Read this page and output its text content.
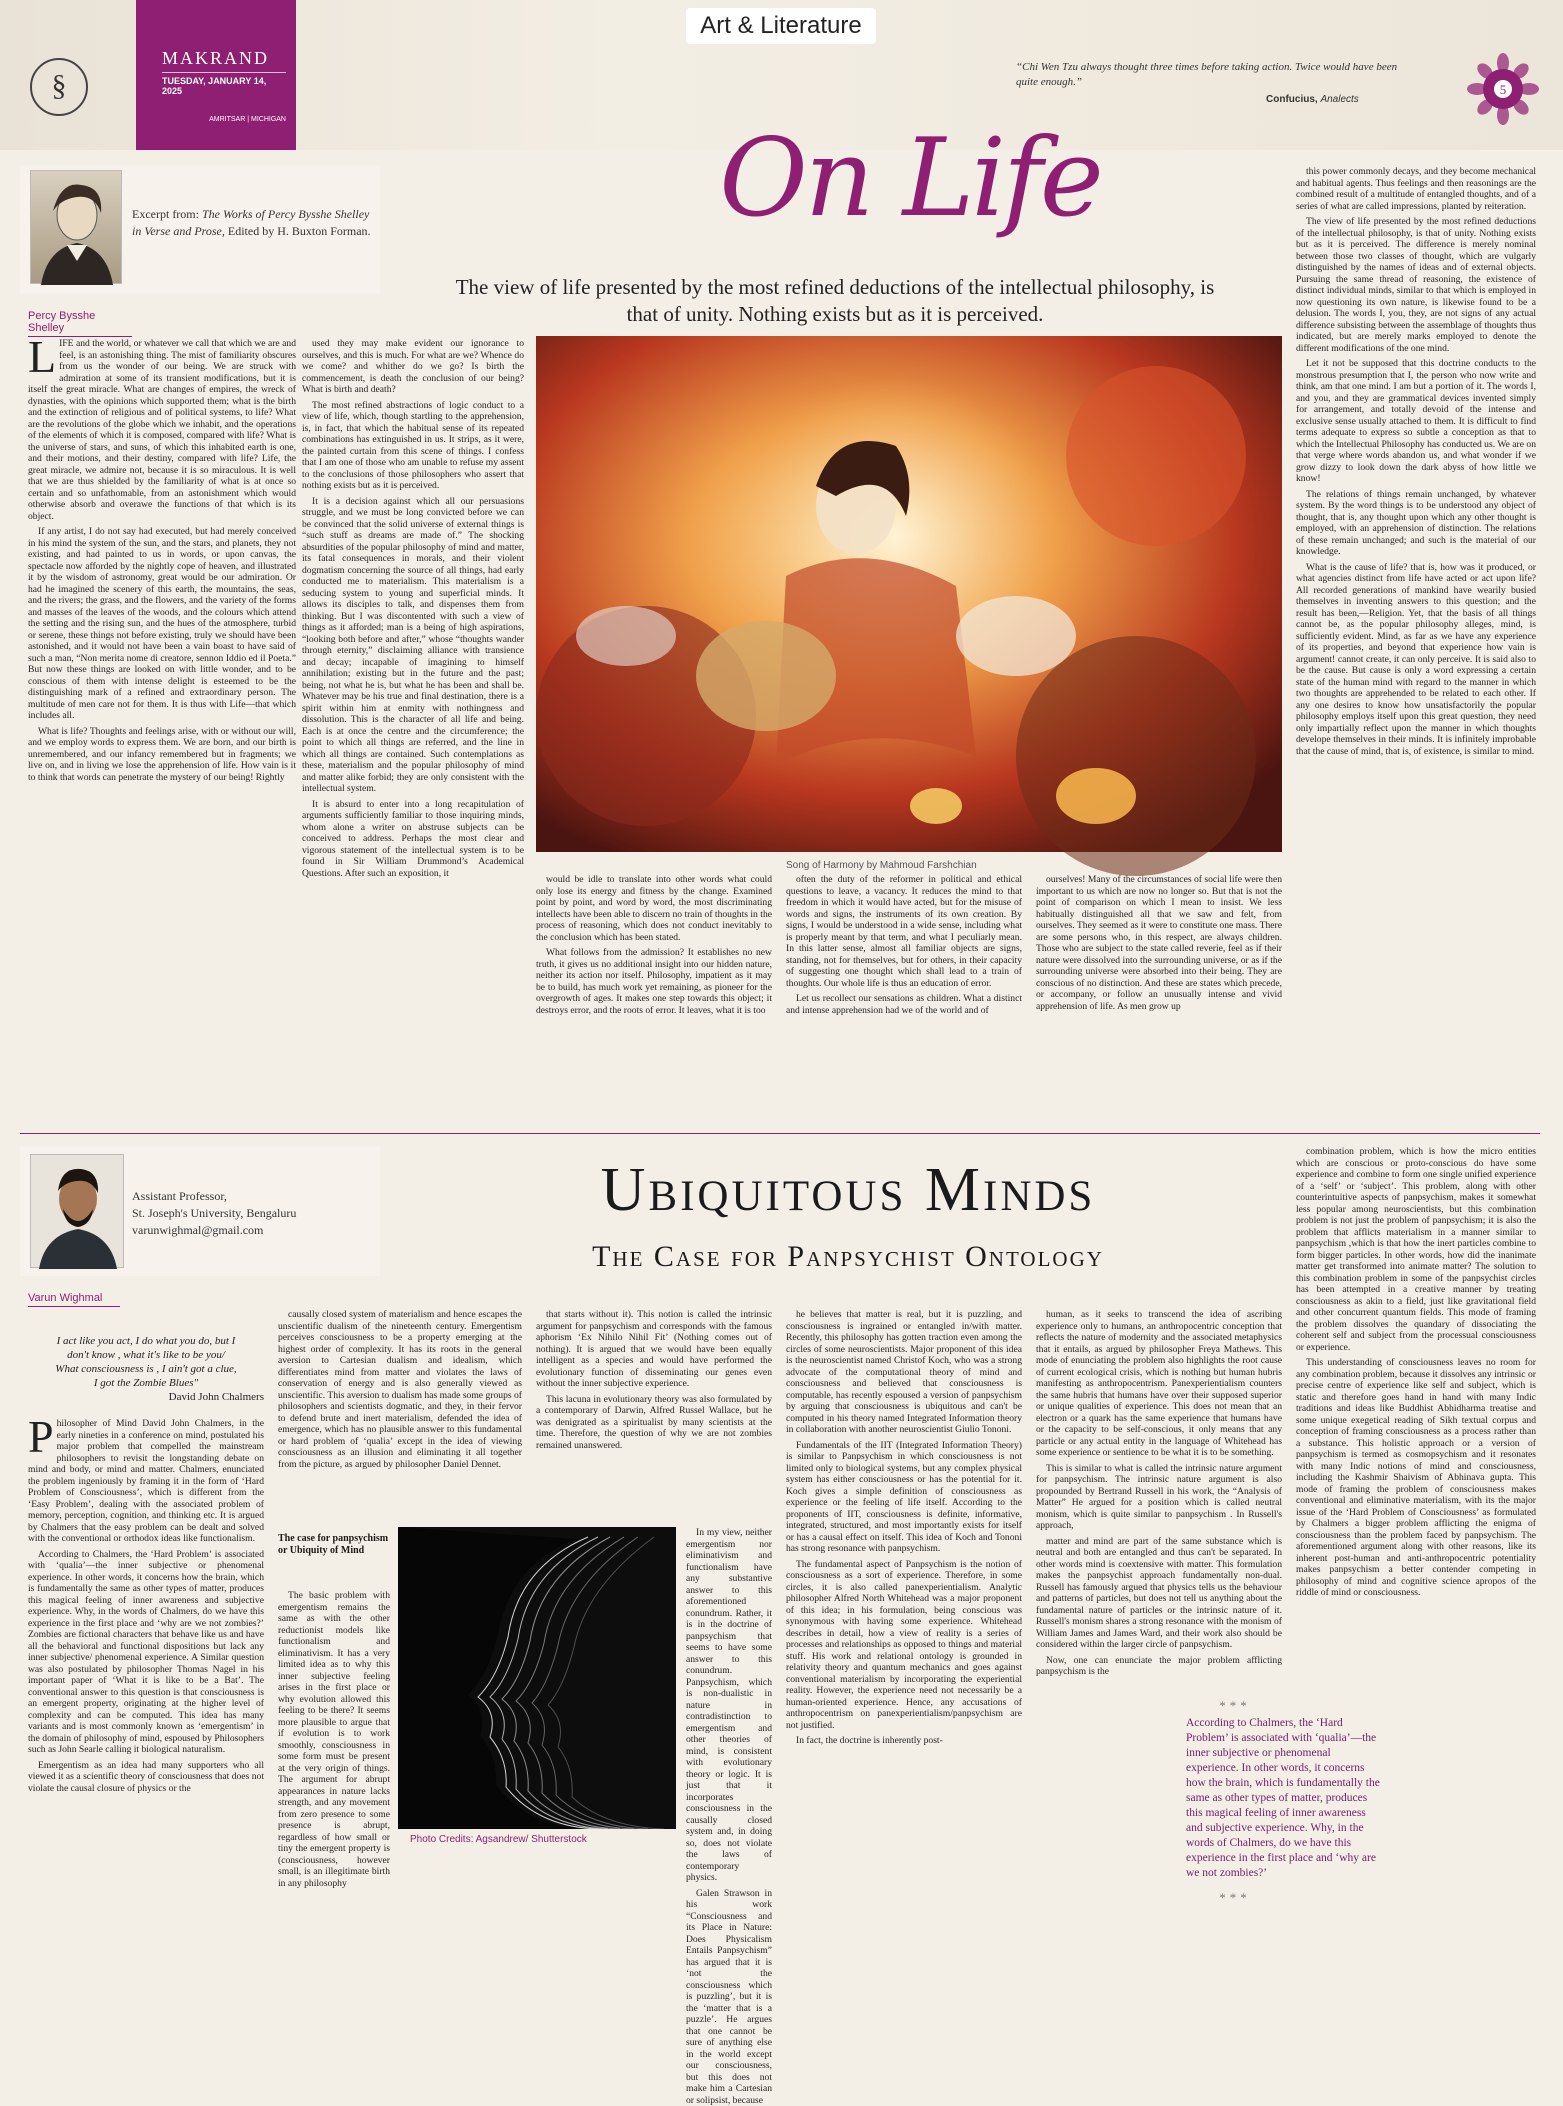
§
MAKRAND
TUESDAY, JANUARY 14, 2025
AMRITSAR | MICHIGAN
Art & Literature
“Chi Wen Tzu always thought three times before taking action. Twice would have been quite enough.”
Confucius, Analects
5
On Life
The view of life presented by the most refined deductions of the intellectual philosophy, is that of unity. Nothing exists but as it is perceived.
Excerpt from: The Works of Percy Bysshe Shelley in Verse and Prose, Edited by H. Buxton Forman.
Percy Bysshe Shelley

LIFE and the world, or whatever we call that which we are and feel, is an astonishing thing. The mist of familiarity obscures from us the wonder of our being. We are struck with admiration at some of its transient modifications, but it is itself the great miracle. What are changes of empires, the wreck of dynasties, with the opinions which supported them; what is the birth and the extinction of religious and of political systems, to life? What are the revolutions of the globe which we inhabit, and the operations of the elements of which it is composed, compared with life? What is the universe of stars, and suns, of which this inhabited earth is one, and their motions, and their destiny, compared with life? Life, the great miracle, we admire not, because it is so miraculous. It is well that we are thus shielded by the familiarity of what is at once so certain and so unfathomable, from an astonishment which would otherwise absorb and overawe the functions of that which is its object.

If any artist, I do not say had executed, but had merely conceived in his mind the system of the sun, and the stars, and planets, they not existing, and had painted to us in words, or upon canvas, the spectacle now afforded by the nightly cope of heaven, and illustrated it by the wisdom of astronomy, great would be our admiration. Or had he imagined the scenery of this earth, the mountains, the seas, and the rivers; the grass, and the flowers, and the variety of the forms and masses of the leaves of the woods, and the colours which attend the setting and the rising sun, and the hues of the atmosphere, turbid or serene, these things not before existing, truly we should have been astonished, and it would not have been a vain boast to have said of such a man, “Non merita nome di creatore, sennon Iddio ed il Poeta.” But now these things are looked on with little wonder, and to be conscious of them with intense delight is esteemed to be the distinguishing mark of a refined and extraordinary person. The multitude of men care not for them. It is thus with Life—that which includes all.

What is life? Thoughts and feelings arise, with or without our will, and we employ words to express them. We are born, and our birth is unremembered, and our infancy remembered but in fragments; we live on, and in living we lose the apprehension of life. How vain is it to think that words can penetrate the mystery of our being! Rightly

used they may make evident our ignorance to ourselves, and this is much. For what are we? Whence do we come? and whither do we go? Is birth the commencement, is death the conclusion of our being? What is birth and death?

The most refined abstractions of logic conduct to a view of life, which, though startling to the apprehension, is, in fact, that which the habitual sense of its repeated combinations has extinguished in us. It strips, as it were, the painted curtain from this scene of things. I confess that I am one of those who am unable to refuse my assent to the conclusions of those philosophers who assert that nothing exists but as it is perceived.

It is a decision against which all our persuasions struggle, and we must be long convicted before we can be convinced that the solid universe of external things is “such stuff as dreams are made of.” The shocking absurdities of the popular philosophy of mind and matter, its fatal consequences in morals, and their violent dogmatism concerning the source of all things, had early conducted me to materialism. This materialism is a seducing system to young and superficial minds. It allows its disciples to talk, and dispenses them from thinking. But I was discontented with such a view of things as it afforded; man is a being of high aspirations, “looking both before and after,” whose “thoughts wander through eternity,” disclaiming alliance with transience and decay; incapable of imagining to himself annihilation; existing but in the future and the past; being, not what he is, but what he has been and shall be. Whatever may be his true and final destination, there is a spirit within him at enmity with nothingness and dissolution. This is the character of all life and being. Each is at once the centre and the circumference; the point to which all things are referred, and the line in which all things are contained. Such contemplations as these, materialism and the popular philosophy of mind and matter alike forbid; they are only consistent with the intellectual system.

It is absurd to enter into a long recapitulation of arguments sufficiently familiar to those inquiring minds, whom alone a writer on abstruse subjects can be conceived to address. Perhaps the most clear and vigorous statement of the intellectual system is to be found in Sir William Drummond’s Academical Questions. After such an exposition, it

Song of Harmony by Mahmoud Farshchian

would be idle to translate into other words what could only lose its energy and fitness by the change. Examined point by point, and word by word, the most discriminating intellects have been able to discern no train of thoughts in the process of reasoning, which does not conduct inevitably to the conclusion which has been stated.

What follows from the admission? It establishes no new truth, it gives us no additional insight into our hidden nature, neither its action nor itself. Philosophy, impatient as it may be to build, has much work yet remaining, as pioneer for the overgrowth of ages. It makes one step towards this object; it destroys error, and the roots of error. It leaves, what it is too

often the duty of the reformer in political and ethical questions to leave, a vacancy. It reduces the mind to that freedom in which it would have acted, but for the misuse of words and signs, the instruments of its own creation. By signs, I would be understood in a wide sense, including what is properly meant by that term, and what I peculiarly mean. In this latter sense, almost all familiar objects are signs, standing, not for themselves, but for others, in their capacity of suggesting one thought which shall lead to a train of thoughts. Our whole life is thus an education of error.

Let us recollect our sensations as children. What a distinct and intense apprehension had we of the world and of

ourselves! Many of the circumstances of social life were then important to us which are now no longer so. But that is not the point of comparison on which I mean to insist. We less habitually distinguished all that we saw and felt, from ourselves. They seemed as it were to constitute one mass. There are some persons who, in this respect, are always children. Those who are subject to the state called reverie, feel as if their nature were dissolved into the surrounding universe, or as if the surrounding universe were absorbed into their being. They are conscious of no distinction. And these are states which precede, or accompany, or follow an unusually intense and vivid apprehension of life. As men grow up

this power commonly decays, and they become mechanical and habitual agents. Thus feelings and then reasonings are the combined result of a multitude of entangled thoughts, and of a series of what are called impressions, planted by reiteration.

The view of life presented by the most refined deductions of the intellectual philosophy, is that of unity. Nothing exists but as it is perceived. The difference is merely nominal between those two classes of thought, which are vulgarly distinguished by the names of ideas and of external objects. Pursuing the same thread of reasoning, the existence of distinct individual minds, similar to that which is employed in now questioning its own nature, is likewise found to be a delusion. The words I, you, they, are not signs of any actual difference subsisting between the assemblage of thoughts thus indicated, but are merely marks employed to denote the different modifications of the one mind.

Let it not be supposed that this doctrine conducts to the monstrous presumption that I, the person who now write and think, am that one mind. I am but a portion of it. The words I, and you, and they are grammatical devices invented simply for arrangement, and totally devoid of the intense and exclusive sense usually attached to them. It is difficult to find terms adequate to express so subtle a conception as that to which the Intellectual Philosophy has conducted us. We are on that verge where words abandon us, and what wonder if we grow dizzy to look down the dark abyss of how little we know!

The relations of things remain unchanged, by whatever system. By the word things is to be understood any object of thought, that is, any thought upon which any other thought is employed, with an apprehension of distinction. The relations of these remain unchanged; and such is the material of our knowledge.

What is the cause of life? that is, how was it produced, or what agencies distinct from life have acted or act upon life? All recorded generations of mankind have wearily busied themselves in inventing answers to this question; and the result has been,—Religion. Yet, that the basis of all things cannot be, as the popular philosophy alleges, mind, is sufficiently evident. Mind, as far as we have any experience of its properties, and beyond that experience how vain is argument! cannot create, it can only perceive. It is said also to be the cause. But cause is only a word expressing a certain state of the human mind with regard to the manner in which two thoughts are apprehended to be related to each other. If any one desires to know how unsatisfactorily the popular philosophy employs itself upon this great question, they need only impartially reflect upon the manner in which thoughts develope themselves in their minds. It is infinitely improbable that the cause of mind, that is, of existence, is similar to mind.

Assistant Professor,
St. Joseph's University, Bengaluru
varunwighmal@gmail.com
Varun Wighmal
Ubiquitous Minds
The Case for Panpsychist Ontology
I act like you act, I do what you do, but I
don't know , what it's like to be you/
What consciousness is , I ain't got a clue,
I got the Zombie Blues"
David John Chalmers

Philosopher of Mind David John Chalmers, in the early nineties in a conference on mind, postulated his major problem that compelled the mainstream philosophers to revisit the longstanding debate on mind and body, or mind and matter. Chalmers, enunciated the problem ingeniously by framing it in the form of ‘Hard Problem of Consciousness’, which is different from the ‘Easy Problem’, dealing with the associated problem of memory, perception, cognition, and thinking etc. It is argued by Chalmers that the easy problem can be dealt and solved with the conventional or orthodox ideas like functionalism.

According to Chalmers, the ‘Hard Problem’ is associated with ‘qualia’—the inner subjective or phenomenal experience. In other words, it concerns how the brain, which is fundamentally the same as other types of matter, produces this magical feeling of inner awareness and subjective experience. Why, in the words of Chalmers, do we have this experience in the first place and ‘why are we not zombies?’ Zombies are fictional characters that behave like us and have all the behavioral and functional dispositions but lack any inner subjective/ phenomenal experience. A Similar question was also postulated by philosopher Thomas Nagel in his important paper of ‘What it is like to be a Bat’. The conventional answer to this question is that consciousness is an emergent property, originating at the higher level of complexity and can be computed. This idea has many variants and is most commonly known as ‘emergentism’ in the domain of philosophy of mind, espoused by Philosophers such as John Searle calling it biological naturalism.

Emergentism as an idea had many supporters who all viewed it as a scientific theory of consciousness that does not violate the causal closure of physics or the

causally closed system of materialism and hence escapes the unscientific dualism of the nineteenth century. Emergentism perceives consciousness to be a property emerging at the highest order of complexity. It has its roots in the general aversion to Cartesian dualism and idealism, which differentiates mind from matter and violates the laws of conservation of energy and is also generally viewed as unscientific. This aversion to dualism has made some groups of philosophers and scientists dogmatic, and they, in their fervor to defend brute and inert materialism, defended the idea of emergence, which has no plausible answer to this fundamental or hard problem of ‘qualia’ except in the idea of viewing consciousness as an illusion and eliminating it all together from the picture, as argued by philosopher Daniel Dennet.

Photo Credits: Agsandrew/ Shutterstock
The case for panpsychism or Ubiquity of Mind

The basic problem with emergentism remains the same as with the other reductionist models like functionalism and eliminativism. It has a very limited idea as to why this inner subjective feeling arises in the first place or why evolution allowed this feeling to be there? It seems more plausible to argue that if evolution is to work smoothly, consciousness in some form must be present at the very origin of things. The argument for abrupt appearances in nature lacks strength, and any movement from zero presence to some presence is abrupt, regardless of how small or tiny the emergent property is (consciousness, however small, is an illegitimate birth in any philosophy

that starts without it). This notion is called the intrinsic argument for panpsychism and corresponds with the famous aphorism ‘Ex Nihilo Nihil Fit’ (Nothing comes out of nothing). It is argued that we would have been equally intelligent as a species and would have performed the evolutionary function of disseminating our genes even without the inner subjective experience.

This lacuna in evolutionary theory was also formulated by a contemporary of Darwin, Alfred Russel Wallace, but he was denigrated as a spiritualist by many scientists at the time. Therefore, the question of why we are not zombies remained unanswered.

In my view, neither emergentism nor eliminativism and functionalism have any substantive answer to this aforementioned conundrum. Rather, it is in the doctrine of panpsychism that seems to have some answer to this conundrum. Panpsychism, which is non-dualistic in nature in contradistinction to emergentism and other theories of mind, is consistent with evolutionary theory or logic. It is just that it incorporates consciousness in the causally closed system and, in doing so, does not violate the laws of contemporary physics.

Galen Strawson in his work “Consciousness and its Place in Nature: Does Physicalism Entails Panpsychism” has argued that it is ‘not the consciousness which is puzzling’, but it is the ‘matter that is a puzzle’. He argues that one cannot be sure of anything else in the world except our consciousness, but this does not make him a Cartesian or solipsist, because

he believes that matter is real, but it is puzzling, and consciousness is ingrained or entangled in/with matter. Recently, this philosophy has gotten traction even among the circles of some neuroscientists. Major proponent of this idea is the neuroscientist named Christof Koch, who was a strong advocate of the computational theory of mind and consciousness and believed that consciousness is computable, has recently espoused a version of panpsychism by arguing that consciousness is ubiquitous and can't be computed in his theory named Integrated Information theory in collaboration with another neuroscientist Giulio Tononi.

Fundamentals of the IIT (Integrated Information Theory) is similar to Panpsychism in which consciousness is not limited only to biological systems, but any complex physical system has either consciousness or has the potential for it. Koch gives a simple definition of consciousness as experience or the feeling of life itself. According to the proponents of IIT, consciousness is definite, informative, integrated, structured, and most importantly exists for itself or has a causal effect on itself. This idea of Koch and Tononi has strong resonance with panpsychism.

The fundamental aspect of Panpsychism is the notion of consciousness as a sort of experience. Therefore, in some circles, it is also called panexperientialism. Analytic philosopher Alfred North Whitehead was a major proponent of this idea; in his formulation, being conscious was synonymous with having some experience. Whitehead describes in detail, how a view of reality is a series of processes and relationships as opposed to things and material stuff. His work and relational ontology is grounded in relativity theory and quantum mechanics and goes against conventional materialism by incorporating the experiential reality. However, the experience need not necessarily be a human-oriented experience. Hence, any accusations of anthropocentrism on panexperientialism/panpsychism are not justified.

In fact, the doctrine is inherently post-

human, as it seeks to transcend the idea of ascribing experience only to humans, an anthropocentric conception that reflects the nature of modernity and the associated metaphysics that it entails, as argued by philosopher Freya Mathews. This mode of enunciating the problem also highlights the root cause of current ecological crisis, which is nothing but human hubris manifesting as anthropocentrism. Panexperientialism counters the same hubris that humans have over their supposed superior or unique qualities of experience. This does not mean that an electron or a quark has the same experience that humans have or the capacity to be self-conscious, it only means that any particle or any actual entity in the language of Whitehead has some experience or sentience to be what it is to be something.

This is similar to what is called the intrinsic nature argument for panpsychism. The intrinsic nature argument is also propounded by Bertrand Russell in his work, the “Analysis of Matter” He argued for a position which is called neutral monism, which is quite similar to panpsychism . In Russell's approach,

matter and mind are part of the same substance which is neutral and both are entangled and thus can't be separated. In other words mind is coextensive with matter. This formulation makes the panpsychist approach fundamentally non-dual. Russell has famously argued that physics tells us the behaviour and patterns of particles, but does not tell us anything about the fundamental nature of particles or the intrinsic nature of it. Russell's monism shares a strong resonance with the monism of William James and James Ward, and their work also should be considered within the larger circle of panpsychism.

Now, one can enunciate the major problem afflicting panpsychism is the

***
According to Chalmers, the ‘Hard Problem’ is associated with ‘qualia’—the inner subjective or phenomenal experience. In other words, it concerns how the brain, which is fundamentally the same as other types of matter, produces this magical feeling of inner awareness and subjective experience. Why, in the words of Chalmers, do we have this experience in the first place and ‘why are we not zombies?’
***

combination problem, which is how the micro entities which are conscious or proto-conscious do have some experience and combine to form one single unified experience of a ‘self’ or ‘subject’. This problem, along with other counterintuitive aspects of panpsychism, makes it somewhat less popular among neuroscientists, but this combination problem is not just the problem of panpsychism; it is also the problem that afflicts materialism in a manner similar to panpsychism ,which is that how the inert particles combine to form bigger particles. In other words, how did the inanimate matter get transformed into animate matter? The solution to this combination problem in some of the panpsychist circles has been attempted in a creative manner by treating consciousness as akin to a field, just like gravitational field and other concurrent quantum fields. This mode of framing the problem dissolves the quandary of dissociating the coherent self and subject from the processual consciousness or experience.

This understanding of consciousness leaves no room for any combination problem, because it dissolves any intrinsic or precise centre of experience like self and subject, which is static and therefore goes hand in hand with many Indic traditions and ideas like Buddhist Abhidharma treatise and some unique exegetical reading of Sikh textual corpus and conception of framing consciousness as a process rather than a substance. This holistic approach or a version of panpsychism is termed as cosmopsychism and it resonates with many Indic notions of mind and consciousness, including the Kashmir Shaivism of Abhinava gupta. This mode of framing the problem of consciousness makes conventional and eliminative materialism, with its the major issue of the ‘Hard Problem of Consciousness’ as formulated by Chalmers a bigger problem afflicting the enigma of consciousness than the problem faced by panpsychism. The aforementioned argument along with other reasons, like its inherent post-human and anti-anthropocentric potentiality makes panpsychism a better contender competing in philosophy of mind and cognitive science apropos of the riddle of mind or consciousness.
